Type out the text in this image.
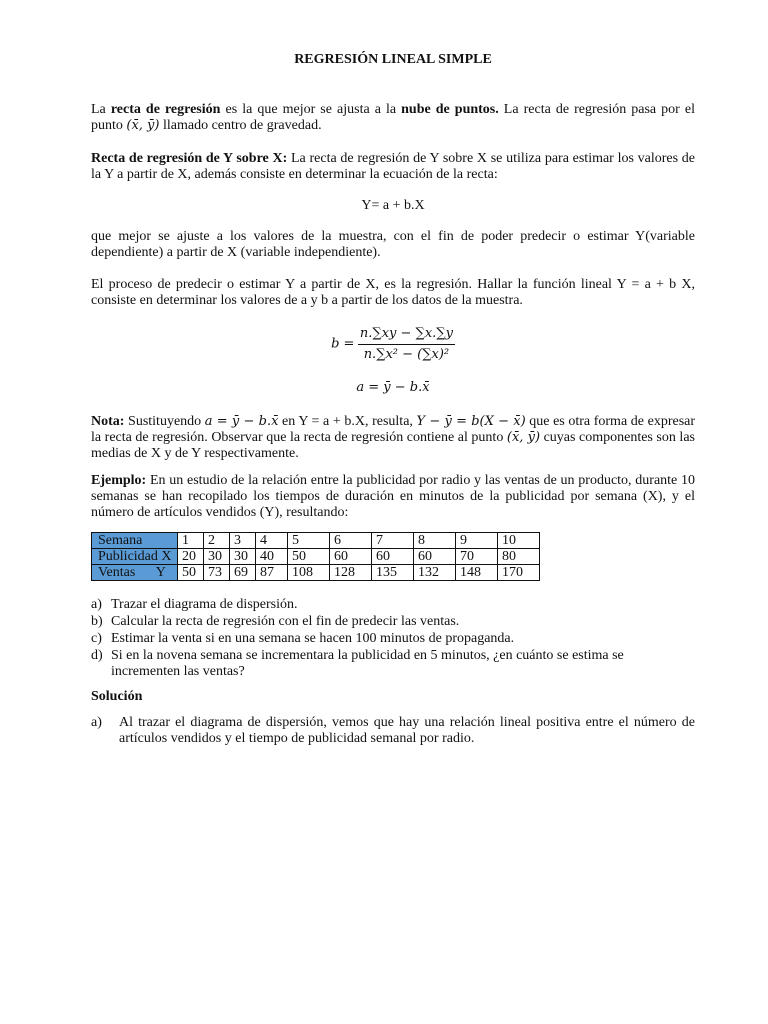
REGRESIÓN LINEAL SIMPLE
La recta de regresión es la que mejor se ajusta a la nube de puntos. La recta de regresión pasa por el punto (x̄, ȳ) llamado centro de gravedad.
Recta de regresión de Y sobre X: La recta de regresión de Y sobre X se utiliza para estimar los valores de la Y a partir de X, además consiste en determinar la ecuación de la recta:
Y= a + b.X
que mejor se ajuste a los valores de la muestra, con el fin de poder predecir o estimar Y(variable dependiente) a partir de X (variable independiente).
El proceso de predecir o estimar Y a partir de X, es la regresión. Hallar la función lineal Y = a + b X, consiste en determinar los valores de a y b a partir de los datos de la muestra.
$b = \frac{n.\sum xy - \sum x.\sum y}{\text{n.∑x² − (∑x)²}}$
a = ȳ − b.x̄
Nota: Sustituyendo a = ȳ − b.x̄ en Y = a + b.X, resulta, Y − ȳ = b(X − x̄) que es otra forma de expresar la recta de regresión. Observar que la recta de regresión contiene al punto (x̄, ȳ) cuyas componentes son las medias de X y de Y respectivamente.
Ejemplo: En un estudio de la relación entre la publicidad por radio y las ventas de un producto, durante 10 semanas se han recopilado los tiempos de duración en minutos de la publicidad por semana (X), y el número de artículos vendidos (Y), resultando:
Semana	1	2	3	4	5	6	7	8	9	10
Publicidad X	20	30	30	40	50	60	60	60	70	80
Ventas      Y	50	73	69	87	108	128	135	132	148	170
a) Trazar el diagrama de dispersión.
b) Calcular la recta de regresión con el fin de predecir las ventas.
c) Estimar la venta si en una semana se hacen 100 minutos de propaganda.
d) Si en la novena semana se incrementara la publicidad en 5 minutos, ¿en cuánto se estima se incrementen las ventas?
Solución
a) Al trazar el diagrama de dispersión, vemos que hay una relación lineal positiva entre el número de artículos vendidos y el tiempo de publicidad semanal por radio.
